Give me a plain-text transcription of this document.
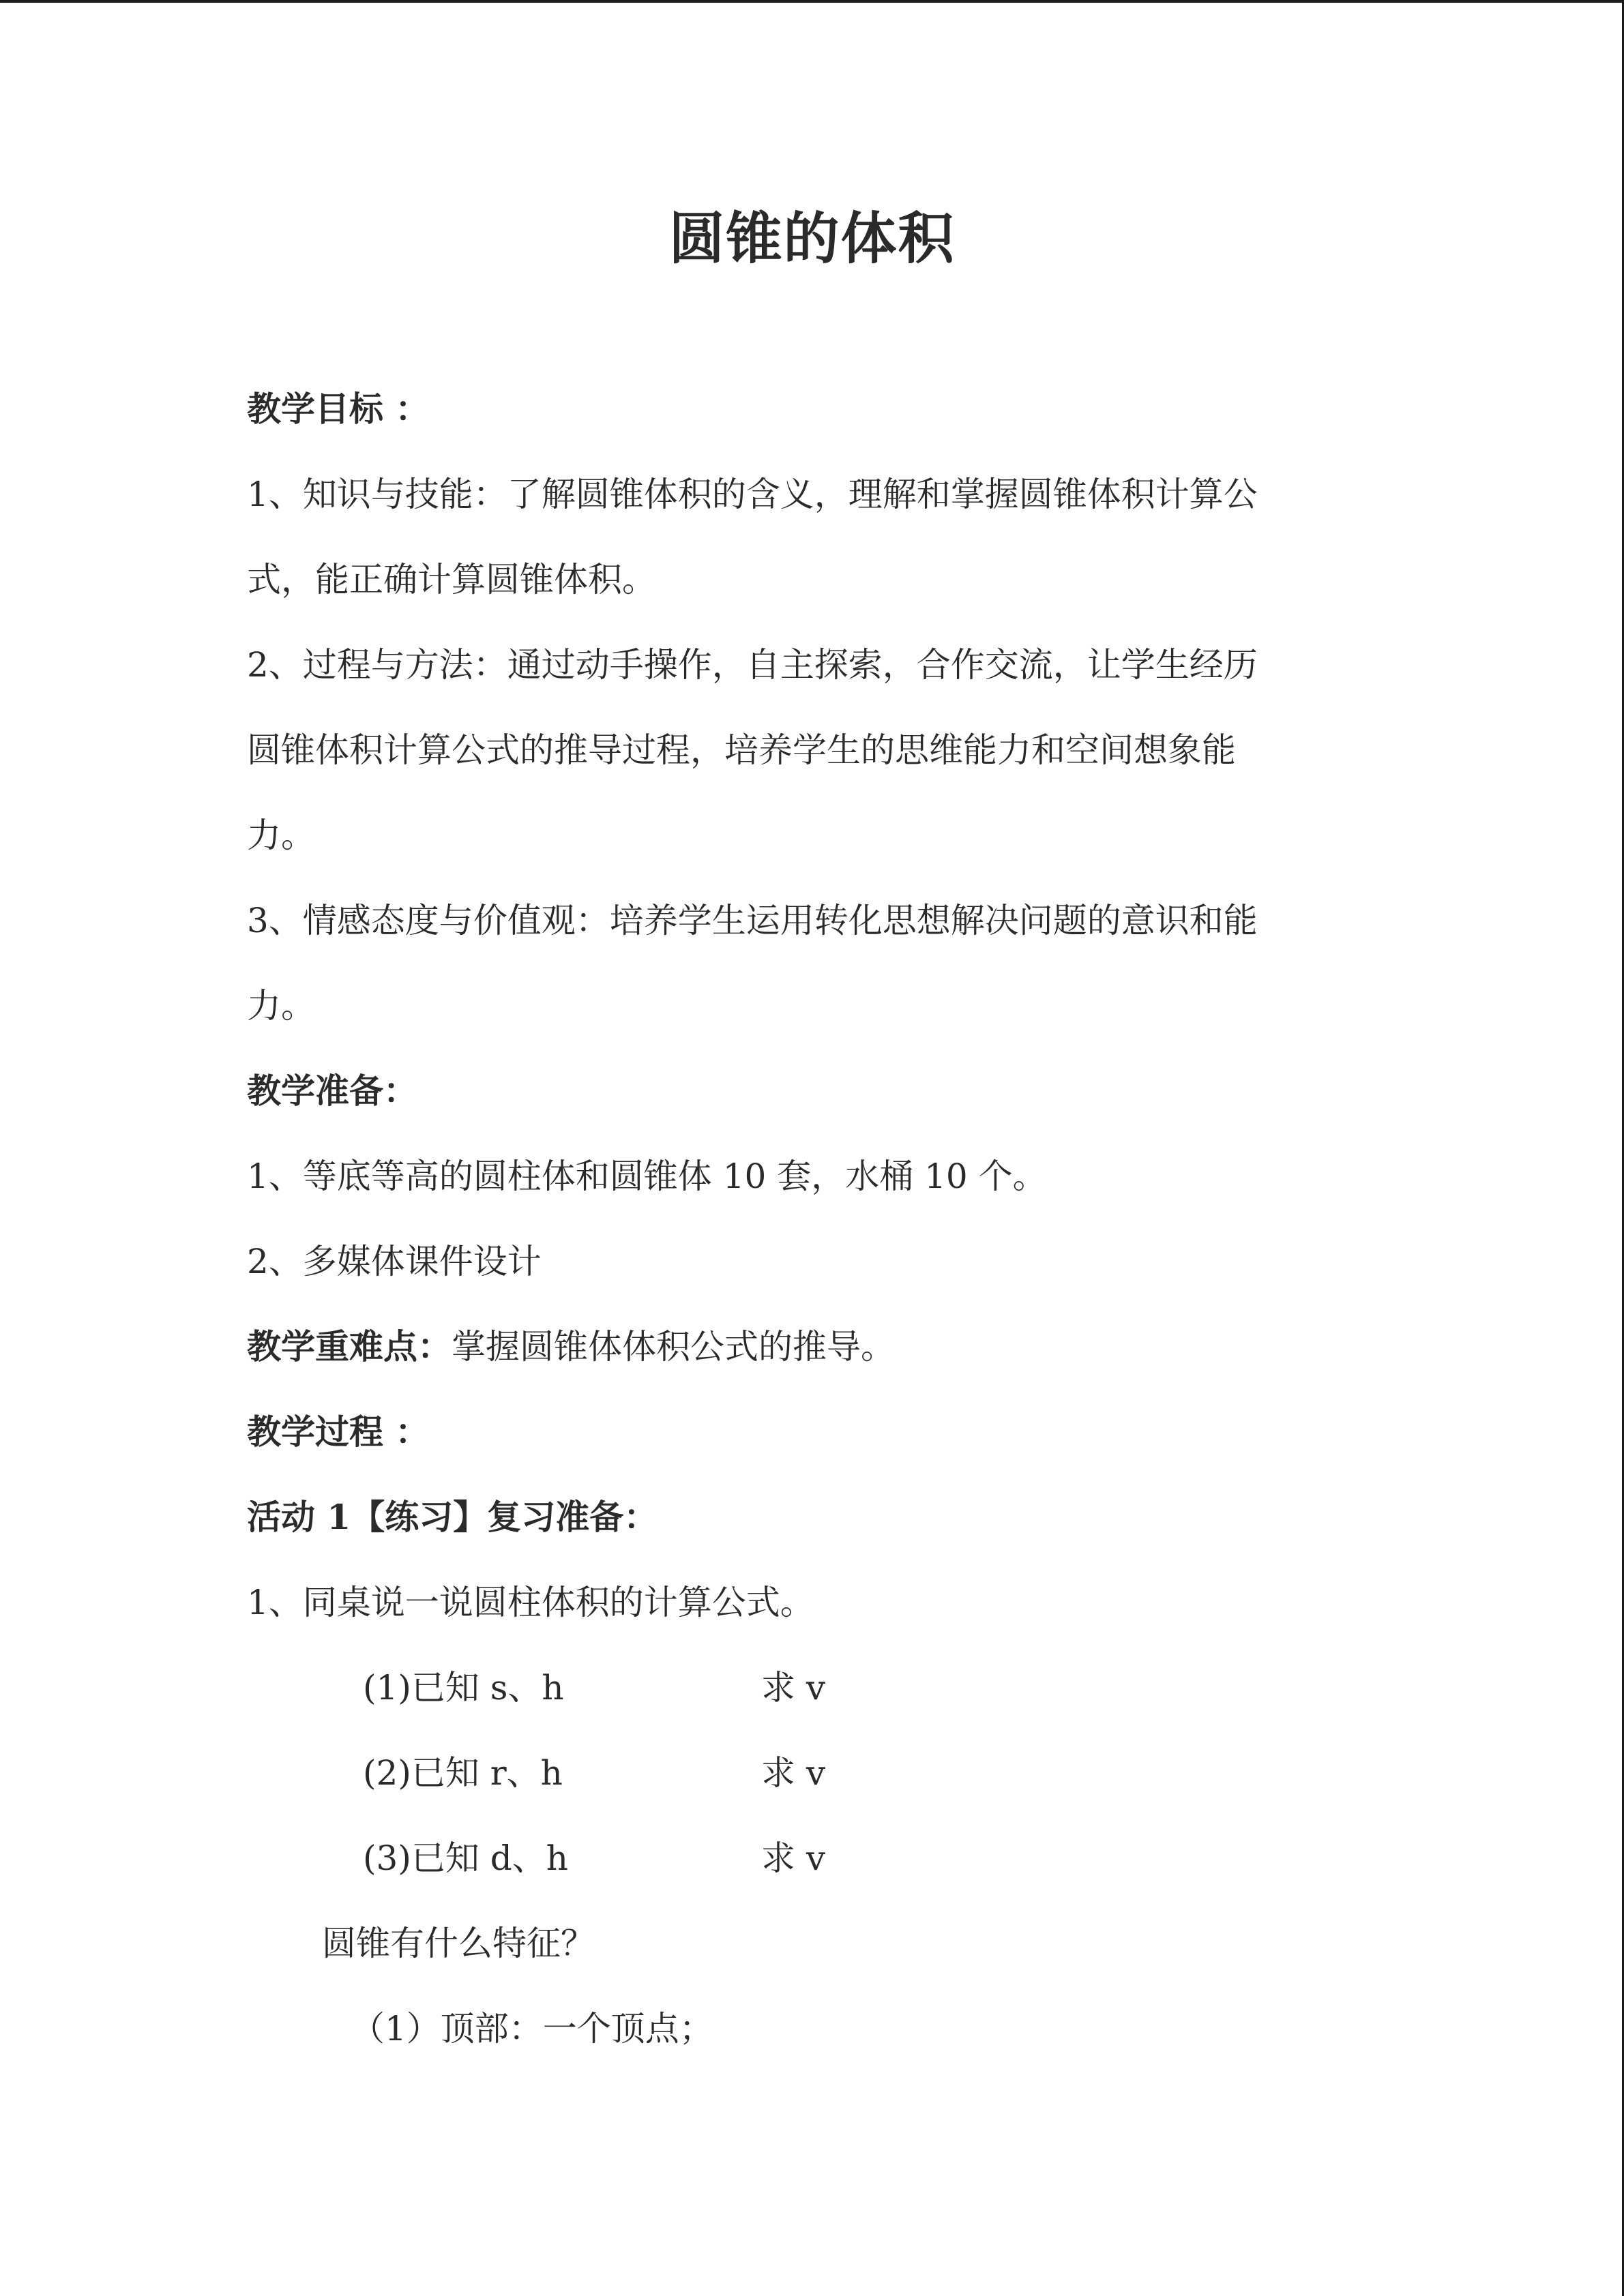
圆锥的体积
教学目标 ：
1、知识与技能：了解圆锥体积的含义，理解和掌握圆锥体积计算公
式，能正确计算圆锥体积。
2、过程与方法：通过动手操作，自主探索，合作交流，让学生经历
圆锥体积计算公式的推导过程，培养学生的思维能力和空间想象能
力。
3、情感态度与价值观：培养学生运用转化思想解决问题的意识和能
力。
教学准备：
1、等底等高的圆柱体和圆锥体 10 套，水桶 10 个。
2、多媒体课件设计
教学重难点：掌握圆锥体体积公式的推导。
教学过程 ：
活动 1【练习】复习准备：
1、同桌说一说圆柱体积的计算公式。
(1)已知 s、h	求 v
(2)已知 r、h	求 v
(3)已知 d、h	求 v
圆锥有什么特征？
（1）顶部：一个顶点；
